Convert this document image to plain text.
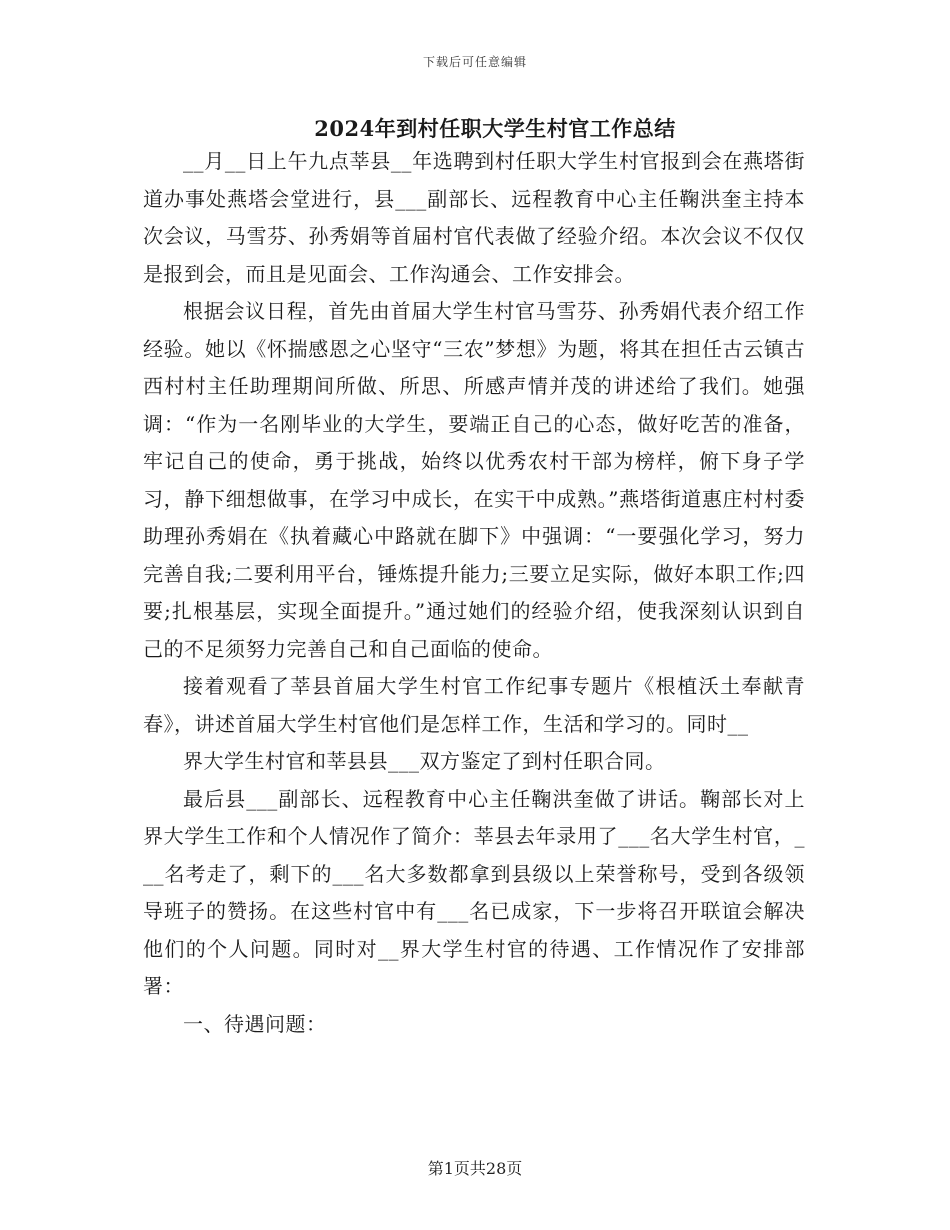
下载后可任意编辑
2024年到村任职大学生村官工作总结

__月__日上午九点莘县__年选聘到村任职大学生村官报到会在燕塔街道办事处燕塔会堂进行，县___副部长、远程教育中心主任鞠洪奎主持本次会议，马雪芬、孙秀娟等首届村官代表做了经验介绍。本次会议不仅仅是报到会，而且是见面会、工作沟通会、工作安排会。

根据会议日程，首先由首届大学生村官马雪芬、孙秀娟代表介绍工作经验。她以《怀揣感恩之心坚守“三农”梦想》为题，将其在担任古云镇古西村村主任助理期间所做、所思、所感声情并茂的讲述给了我们。她强调：“作为一名刚毕业的大学生，要端正自己的心态，做好吃苦的准备，牢记自己的使命，勇于挑战，始终以优秀农村干部为榜样，俯下身子学习，静下细想做事，在学习中成长，在实干中成熟。”燕塔街道惠庄村村委助理孙秀娟在《执着藏心中路就在脚下》中强调：“一要强化学习，努力完善自我;二要利用平台，锤炼提升能力;三要立足实际，做好本职工作;四要;扎根基层，实现全面提升。”通过她们的经验介绍，使我深刻认识到自己的不足须努力完善自己和自己面临的使命。

接着观看了莘县首届大学生村官工作纪事专题片《根植沃土奉献青春》，讲述首届大学生村官他们是怎样工作，生活和学习的。同时__

界大学生村官和莘县县___双方鉴定了到村任职合同。

最后县___副部长、远程教育中心主任鞠洪奎做了讲话。鞠部长对上界大学生工作和个人情况作了简介：莘县去年录用了___名大学生村官，___名考走了，剩下的___名大多数都拿到县级以上荣誉称号，受到各级领导班子的赞扬。在这些村官中有___名已成家，下一步将召开联谊会解决他们的个人问题。同时对__界大学生村官的待遇、工作情况作了安排部署：

一、待遇问题：

第1页共28页
